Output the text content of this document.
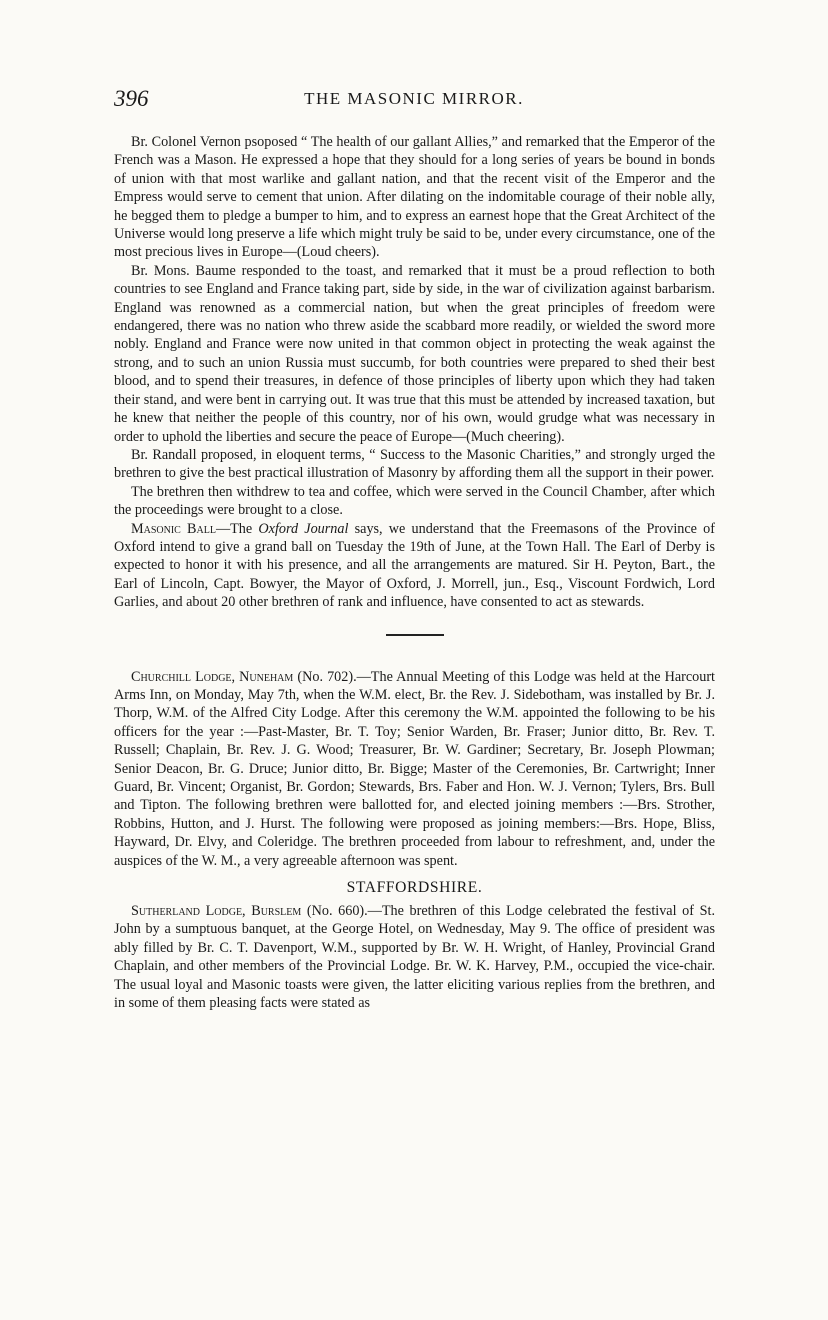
396	THE MASONIC MIRROR.

Br. Colonel Vernon psoposed “ The health of our gallant Allies,” and remarked that the Emperor of the French was a Mason. He expressed a hope that they should for a long series of years be bound in bonds of union with that most warlike and gallant nation, and that the recent visit of the Emperor and the Empress would serve to cement that union. After dilating on the indomitable courage of their noble ally, he begged them to pledge a bumper to him, and to express an earnest hope that the Great Architect of the Universe would long preserve a life which might truly be said to be, under every circumstance, one of the most precious lives in Europe—(Loud cheers).

Br. Mons. Baume responded to the toast, and remarked that it must be a proud reflection to both countries to see England and France taking part, side by side, in the war of civilization against barbarism. England was renowned as a commercial nation, but when the great principles of freedom were endangered, there was no nation who threw aside the scabbard more readily, or wielded the sword more nobly. England and France were now united in that common object in protecting the weak against the strong, and to such an union Russia must succumb, for both countries were prepared to shed their best blood, and to spend their treasures, in defence of those principles of liberty upon which they had taken their stand, and were bent in carrying out. It was true that this must be attended by increased taxation, but he knew that neither the people of this country, nor of his own, would grudge what was necessary in order to uphold the liberties and secure the peace of Europe—(Much cheering).

Br. Randall proposed, in eloquent terms, “ Success to the Masonic Charities,” and strongly urged the brethren to give the best practical illustration of Masonry by affording them all the support in their power.

The brethren then withdrew to tea and coffee, which were served in the Council Chamber, after which the proceedings were brought to a close.

Masonic Ball—The Oxford Journal says, we understand that the Freemasons of the Province of Oxford intend to give a grand ball on Tuesday the 19th of June, at the Town Hall. The Earl of Derby is expected to honor it with his presence, and all the arrangements are matured. Sir H. Peyton, Bart., the Earl of Lincoln, Capt. Bowyer, the Mayor of Oxford, J. Morrell, jun., Esq., Viscount Fordwich, Lord Garlies, and about 20 other brethren of rank and influence, have consented to act as stewards.

Churchill Lodge, Nuneham (No. 702).—The Annual Meeting of this Lodge was held at the Harcourt Arms Inn, on Monday, May 7th, when the W.M. elect, Br. the Rev. J. Sidebotham, was installed by Br. J. Thorp, W.M. of the Alfred City Lodge. After this ceremony the W.M. appointed the following to be his officers for the year :—Past-Master, Br. T. Toy; Senior Warden, Br. Fraser; Junior ditto, Br. Rev. T. Russell; Chaplain, Br. Rev. J. G. Wood; Treasurer, Br. W. Gardiner; Secretary, Br. Joseph Plowman; Senior Deacon, Br. G. Druce; Junior ditto, Br. Bigge; Master of the Ceremonies, Br. Cartwright; Inner Guard, Br. Vincent; Organist, Br. Gordon; Stewards, Brs. Faber and Hon. W. J. Vernon; Tylers, Brs. Bull and Tipton. The following brethren were ballotted for, and elected joining members :—Brs. Strother, Robbins, Hutton, and J. Hurst. The following were proposed as joining members:—Brs. Hope, Bliss, Hayward, Dr. Elvy, and Coleridge. The brethren proceeded from labour to refreshment, and, under the auspices of the W. M., a very agreeable afternoon was spent.

STAFFORDSHIRE.

Sutherland Lodge, Burslem (No. 660).—The brethren of this Lodge celebrated the festival of St. John by a sumptuous banquet, at the George Hotel, on Wednesday, May 9. The office of president was ably filled by Br. C. T. Davenport, W.M., supported by Br. W. H. Wright, of Hanley, Provincial Grand Chaplain, and other members of the Provincial Lodge. Br. W. K. Harvey, P.M., occupied the vice-chair. The usual loyal and Masonic toasts were given, the latter eliciting various replies from the brethren, and in some of them pleasing facts were stated as
